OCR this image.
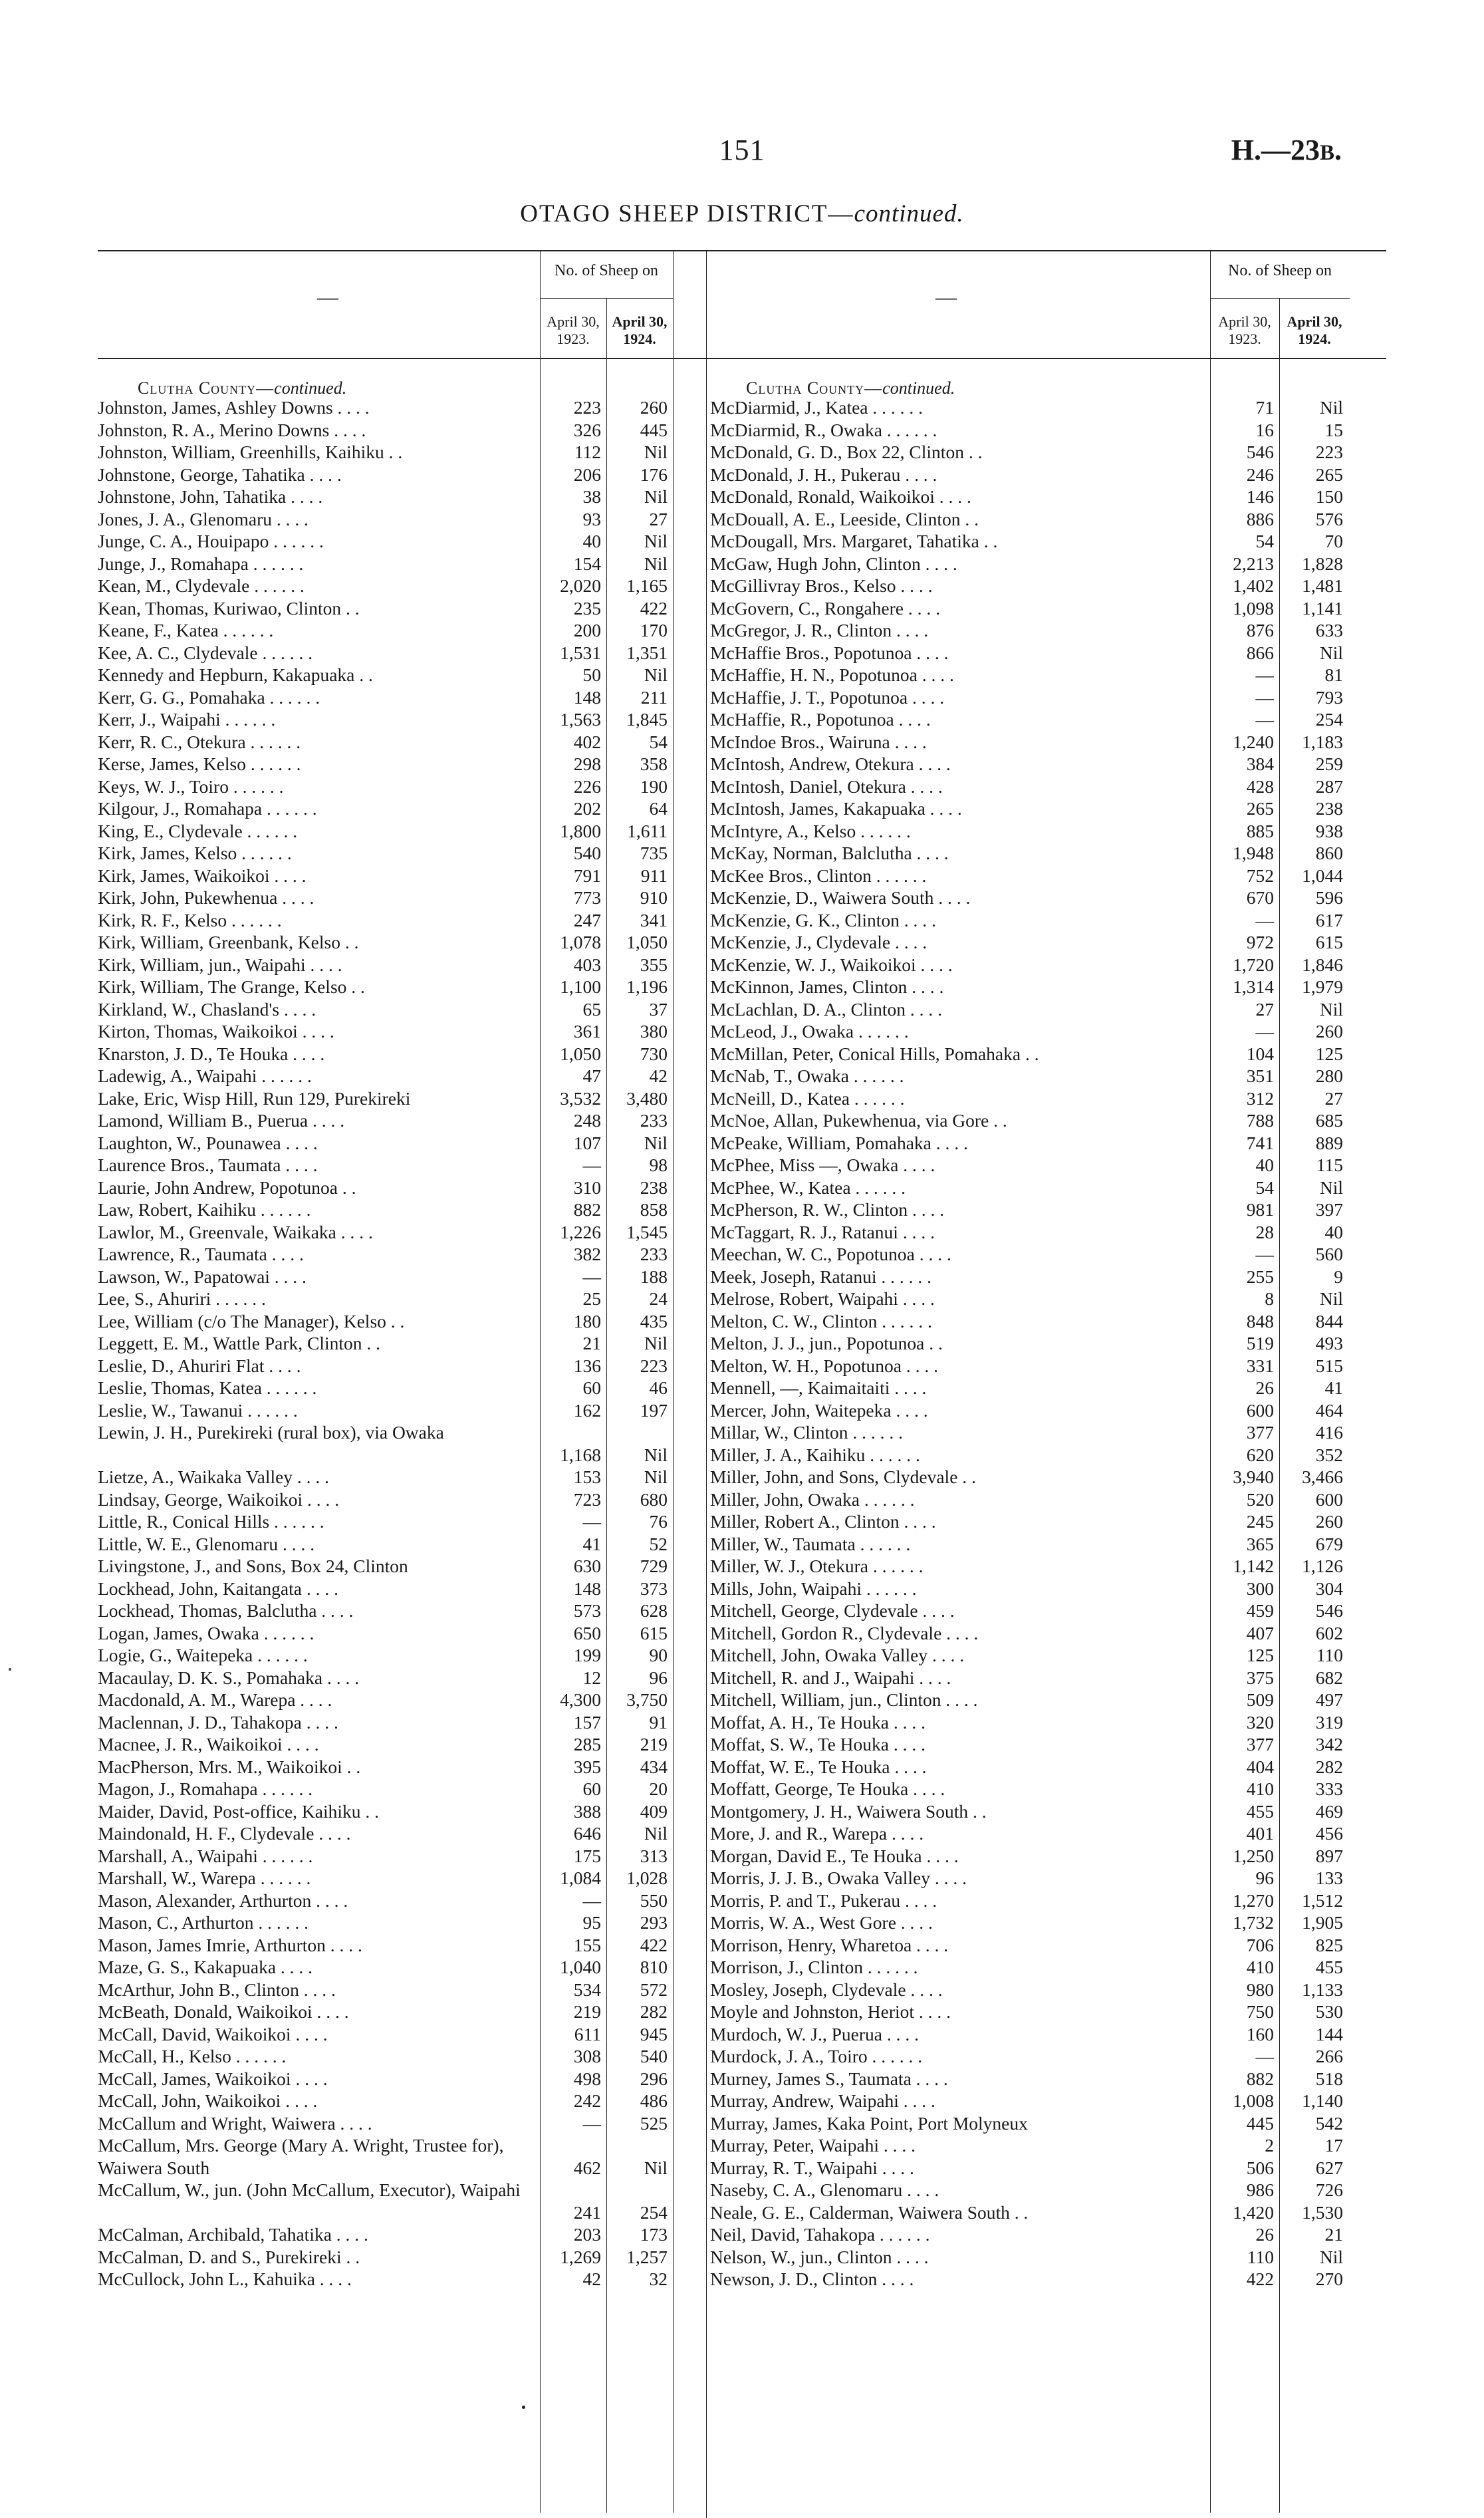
151	H.—23B.
OTAGO SHEEP DISTRICT—continued.
—
No. of Sheep on
April 30,
1923.
April 30,
1924.
Clutha County—continued.
Johnston, James, Ashley Downs . . . .	223	260
Johnston, R. A., Merino Downs . . . .	326	445
Johnston, William, Greenhills, Kaihiku . .	112	Nil
Johnstone, George, Tahatika . . . .	206	176
Johnstone, John, Tahatika . . . .	38	Nil
Jones, J. A., Glenomaru . . . .	93	27
Junge, C. A., Houipapo . . . . . .	40	Nil
Junge, J., Romahapa . . . . . .	154	Nil
Kean, M., Clydevale . . . . . .	2,020	1,165
Kean, Thomas, Kuriwao, Clinton . .	235	422
Keane, F., Katea . . . . . .	200	170
Kee, A. C., Clydevale . . . . . .	1,531	1,351
Kennedy and Hepburn, Kakapuaka . .	50	Nil
Kerr, G. G., Pomahaka . . . . . .	148	211
Kerr, J., Waipahi . . . . . .	1,563	1,845
Kerr, R. C., Otekura . . . . . .	402	54
Kerse, James, Kelso . . . . . .	298	358
Keys, W. J., Toiro . . . . . .	226	190
Kilgour, J., Romahapa . . . . . .	202	64
King, E., Clydevale . . . . . .	1,800	1,611
Kirk, James, Kelso . . . . . .	540	735
Kirk, James, Waikoikoi . . . .	791	911
Kirk, John, Pukewhenua . . . .	773	910
Kirk, R. F., Kelso . . . . . .	247	341
Kirk, William, Greenbank, Kelso . .	1,078	1,050
Kirk, William, jun., Waipahi . . . .	403	355
Kirk, William, The Grange, Kelso . .	1,100	1,196
Kirkland, W., Chasland's . . . .	65	37
Kirton, Thomas, Waikoikoi . . . .	361	380
Knarston, J. D., Te Houka . . . .	1,050	730
Ladewig, A., Waipahi . . . . . .	47	42
Lake, Eric, Wisp Hill, Run 129, Purekireki	3,532	3,480
Lamond, William B., Puerua . . . .	248	233
Laughton, W., Pounawea . . . .	107	Nil
Laurence Bros., Taumata . . . .	—	98
Laurie, John Andrew, Popotunoa . .	310	238
Law, Robert, Kaihiku . . . . . .	882	858
Lawlor, M., Greenvale, Waikaka . . . .	1,226	1,545
Lawrence, R., Taumata . . . .	382	233
Lawson, W., Papatowai . . . .	—	188
Lee, S., Ahuriri . . . . . .	25	24
Lee, William (c/o The Manager), Kelso . .	180	435
Leggett, E. M., Wattle Park, Clinton . .	21	Nil
Leslie, D., Ahuriri Flat . . . .	136	223
Leslie, Thomas, Katea . . . . . .	60	46
Leslie, W., Tawanui . . . . . .	162	197
Lewin, J. H., Purekireki (rural box), via Owaka
1,168	Nil
Lietze, A., Waikaka Valley . . . .	153	Nil
Lindsay, George, Waikoikoi . . . .	723	680
Little, R., Conical Hills . . . . . .	—	76
Little, W. E., Glenomaru . . . .	41	52
Livingstone, J., and Sons, Box 24, Clinton	630	729
Lockhead, John, Kaitangata . . . .	148	373
Lockhead, Thomas, Balclutha . . . .	573	628
Logan, James, Owaka . . . . . .	650	615
Logie, G., Waitepeka . . . . . .	199	90
Macaulay, D. K. S., Pomahaka . . . .	12	96
Macdonald, A. M., Warepa . . . .	4,300	3,750
Maclennan, J. D., Tahakopa . . . .	157	91
Macnee, J. R., Waikoikoi . . . .	285	219
MacPherson, Mrs. M., Waikoikoi . .	395	434
Magon, J., Romahapa . . . . . .	60	20
Maider, David, Post-office, Kaihiku . .	388	409
Maindonald, H. F., Clydevale . . . .	646	Nil
Marshall, A., Waipahi . . . . . .	175	313
Marshall, W., Warepa . . . . . .	1,084	1,028
Mason, Alexander, Arthurton . . . .	—	550
Mason, C., Arthurton . . . . . .	95	293
Mason, James Imrie, Arthurton . . . .	155	422
Maze, G. S., Kakapuaka . . . .	1,040	810
McArthur, John B., Clinton . . . .	534	572
McBeath, Donald, Waikoikoi . . . .	219	282
McCall, David, Waikoikoi . . . .	611	945
McCall, H., Kelso . . . . . .	308	540
McCall, James, Waikoikoi . . . .	498	296
McCall, John, Waikoikoi . . . .	242	486
McCallum and Wright, Waiwera . . . .	—	525
McCallum, Mrs. George (Mary A. Wright, Trustee for), Waiwera South	462	Nil
McCallum, W., jun. (John McCallum, Executor), Waipahi
241	254
McCalman, Archibald, Tahatika . . . .	203	173
McCalman, D. and S., Purekireki . .	1,269	1,257
McCullock, John L., Kahuika . . . .	42	32
—
No. of Sheep on
April 30,
1923.
April 30,
1924.
Clutha County—continued.
McDiarmid, J., Katea . . . . . .	71	Nil
McDiarmid, R., Owaka . . . . . .	16	15
McDonald, G. D., Box 22, Clinton . .	546	223
McDonald, J. H., Pukerau . . . .	246	265
McDonald, Ronald, Waikoikoi . . . .	146	150
McDouall, A. E., Leeside, Clinton . .	886	576
McDougall, Mrs. Margaret, Tahatika . .	54	70
McGaw, Hugh John, Clinton . . . .	2,213	1,828
McGillivray Bros., Kelso . . . .	1,402	1,481
McGovern, C., Rongahere . . . .	1,098	1,141
McGregor, J. R., Clinton . . . .	876	633
McHaffie Bros., Popotunoa . . . .	866	Nil
McHaffie, H. N., Popotunoa . . . .	—	81
McHaffie, J. T., Popotunoa . . . .	—	793
McHaffie, R., Popotunoa . . . .	—	254
McIndoe Bros., Wairuna . . . .	1,240	1,183
McIntosh, Andrew, Otekura . . . .	384	259
McIntosh, Daniel, Otekura . . . .	428	287
McIntosh, James, Kakapuaka . . . .	265	238
McIntyre, A., Kelso . . . . . .	885	938
McKay, Norman, Balclutha . . . .	1,948	860
McKee Bros., Clinton . . . . . .	752	1,044
McKenzie, D., Waiwera South . . . .	670	596
McKenzie, G. K., Clinton . . . .	—	617
McKenzie, J., Clydevale . . . .	972	615
McKenzie, W. J., Waikoikoi . . . .	1,720	1,846
McKinnon, James, Clinton . . . .	1,314	1,979
McLachlan, D. A., Clinton . . . .	27	Nil
McLeod, J., Owaka . . . . . .	—	260
McMillan, Peter, Conical Hills, Pomahaka . .	104	125
McNab, T., Owaka . . . . . .	351	280
McNeill, D., Katea . . . . . .	312	27
McNoe, Allan, Pukewhenua, via Gore . .	788	685
McPeake, William, Pomahaka . . . .	741	889
McPhee, Miss —, Owaka . . . .	40	115
McPhee, W., Katea . . . . . .	54	Nil
McPherson, R. W., Clinton . . . .	981	397
McTaggart, R. J., Ratanui . . . .	28	40
Meechan, W. C., Popotunoa . . . .	—	560
Meek, Joseph, Ratanui . . . . . .	255	9
Melrose, Robert, Waipahi . . . .	8	Nil
Melton, C. W., Clinton . . . . . .	848	844
Melton, J. J., jun., Popotunoa . .	519	493
Melton, W. H., Popotunoa . . . .	331	515
Mennell, —, Kaimaitaiti . . . .	26	41
Mercer, John, Waitepeka . . . .	600	464
Millar, W., Clinton . . . . . .	377	416
Miller, J. A., Kaihiku . . . . . .	620	352
Miller, John, and Sons, Clydevale . .	3,940	3,466
Miller, John, Owaka . . . . . .	520	600
Miller, Robert A., Clinton . . . .	245	260
Miller, W., Taumata . . . . . .	365	679
Miller, W. J., Otekura . . . . . .	1,142	1,126
Mills, John, Waipahi . . . . . .	300	304
Mitchell, George, Clydevale . . . .	459	546
Mitchell, Gordon R., Clydevale . . . .	407	602
Mitchell, John, Owaka Valley . . . .	125	110
Mitchell, R. and J., Waipahi . . . .	375	682
Mitchell, William, jun., Clinton . . . .	509	497
Moffat, A. H., Te Houka . . . .	320	319
Moffat, S. W., Te Houka . . . .	377	342
Moffat, W. E., Te Houka . . . .	404	282
Moffatt, George, Te Houka . . . .	410	333
Montgomery, J. H., Waiwera South . .	455	469
More, J. and R., Warepa . . . .	401	456
Morgan, David E., Te Houka . . . .	1,250	897
Morris, J. J. B., Owaka Valley . . . .	96	133
Morris, P. and T., Pukerau . . . .	1,270	1,512
Morris, W. A., West Gore . . . .	1,732	1,905
Morrison, Henry, Wharetoa . . . .	706	825
Morrison, J., Clinton . . . . . .	410	455
Mosley, Joseph, Clydevale . . . .	980	1,133
Moyle and Johnston, Heriot . . . .	750	530
Murdoch, W. J., Puerua . . . .	160	144
Murdock, J. A., Toiro . . . . . .	—	266
Murney, James S., Taumata . . . .	882	518
Murray, Andrew, Waipahi . . . .	1,008	1,140
Murray, James, Kaka Point, Port Molyneux	445	542
Murray, Peter, Waipahi . . . .	2	17
Murray, R. T., Waipahi . . . .	506	627
Naseby, C. A., Glenomaru . . . .	986	726
Neale, G. E., Calderman, Waiwera South . .	1,420	1,530
Neil, David, Tahakopa . . . . . .	26	21
Nelson, W., jun., Clinton . . . .	110	Nil
Newson, J. D., Clinton . . . .	422	270
